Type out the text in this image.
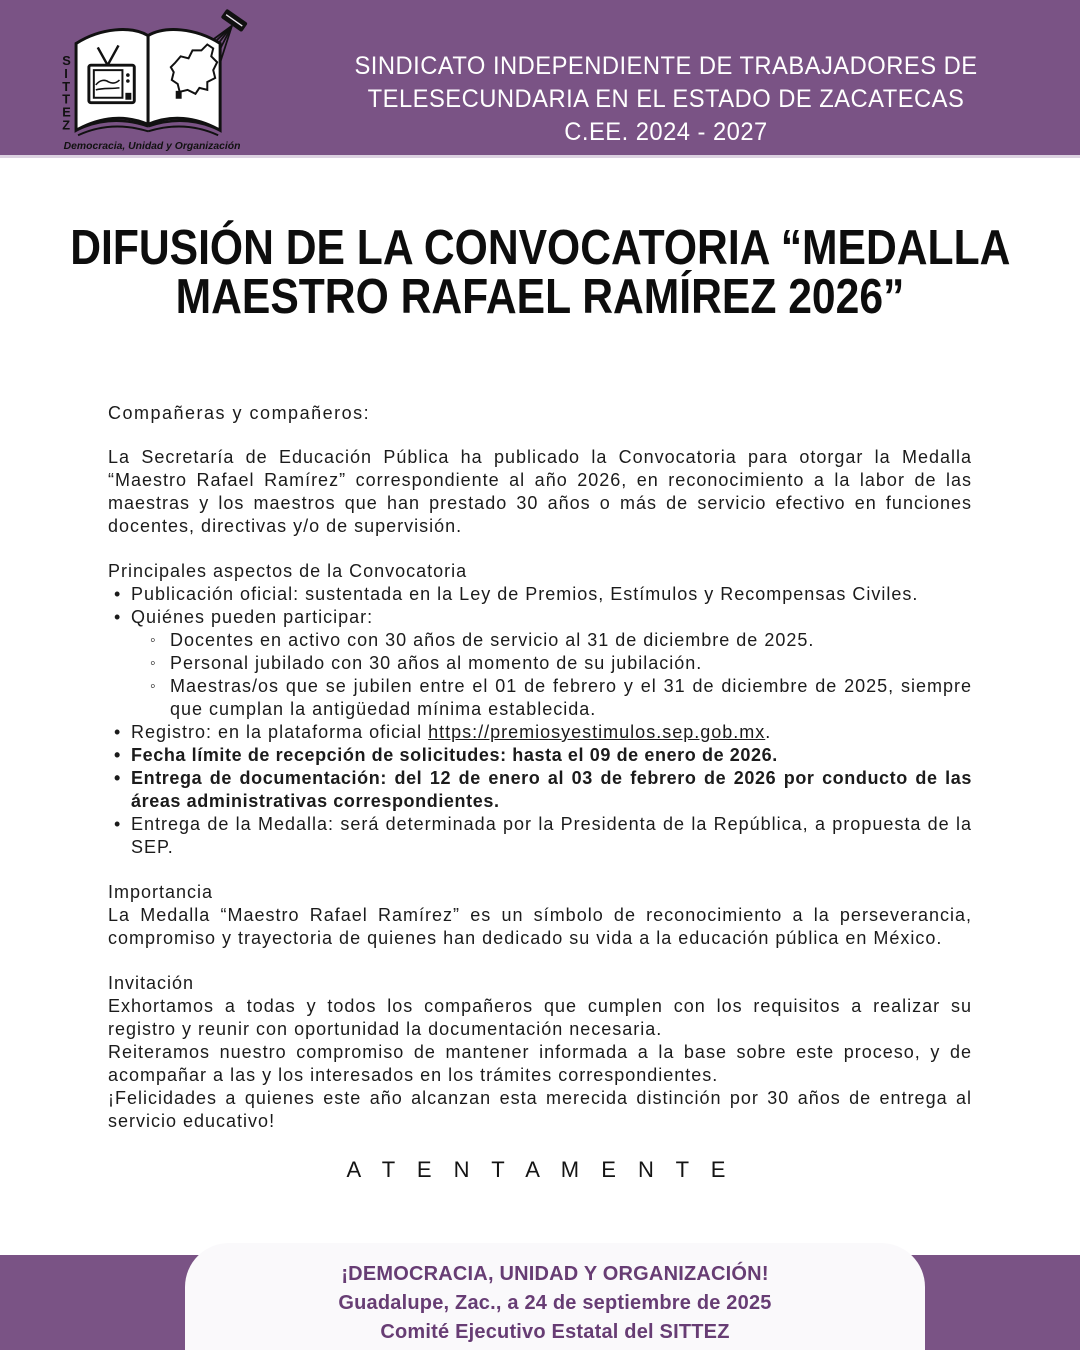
S
I
T
T
E
Z
Democracia, Unidad y Organización
SINDICATO INDEPENDIENTE DE TRABAJADORES DE
TELESECUNDARIA EN EL ESTADO DE ZACATECAS
C.EE. 2024 - 2027
DIFUSIÓN DE LA CONVOCATORIA “MEDALLA
MAESTRO RAFAEL RAMÍREZ 2026”

Compañeras y compañeros:

La Secretaría de Educación Pública ha publicado la Convocatoria para otorgar la Medalla “Maestro Rafael Ramírez” correspondiente al año 2026, en reconocimiento a la labor de las maestras y los maestros que han prestado 30 años o más de servicio efectivo en funciones docentes, directivas y/o de supervisión.

Principales aspectos de la Convocatoria
• Publicación oficial: sustentada en la Ley de Premios, Estímulos y Recompensas Civiles.
• Quiénes pueden participar:
◦ Docentes en activo con 30 años de servicio al 31 de diciembre de 2025.
◦ Personal jubilado con 30 años al momento de su jubilación.
◦ Maestras/os que se jubilen entre el 01 de febrero y el 31 de diciembre de 2025, siempre que cumplan la antigüedad mínima establecida.
• Registro: en la plataforma oficial https://premiosyestimulos.sep.gob.mx.
• Fecha límite de recepción de solicitudes: hasta el 09 de enero de 2026.
• Entrega de documentación: del 12 de enero al 03 de febrero de 2026 por conducto de las áreas administrativas correspondientes.
• Entrega de la Medalla: será determinada por la Presidenta de la República, a propuesta de la SEP.
Importancia

La Medalla “Maestro Rafael Ramírez” es un símbolo de reconocimiento a la perseverancia, compromiso y trayectoria de quienes han dedicado su vida a la educación pública en México.

Invitación

Exhortamos a todas y todos los compañeros que cumplen con los requisitos a realizar su registro y reunir con oportunidad la documentación necesaria.

Reiteramos nuestro compromiso de mantener informada a la base sobre este proceso, y de acompañar a las y los interesados en los trámites correspondientes.

¡Felicidades a quienes este año alcanzan esta merecida distinción por 30 años de entrega al servicio educativo!

A T E N T A M E N T E
¡DEMOCRACIA, UNIDAD Y ORGANIZACIÓN!
Guadalupe, Zac., a 24 de septiembre de 2025
Comité Ejecutivo Estatal del SITTEZ
